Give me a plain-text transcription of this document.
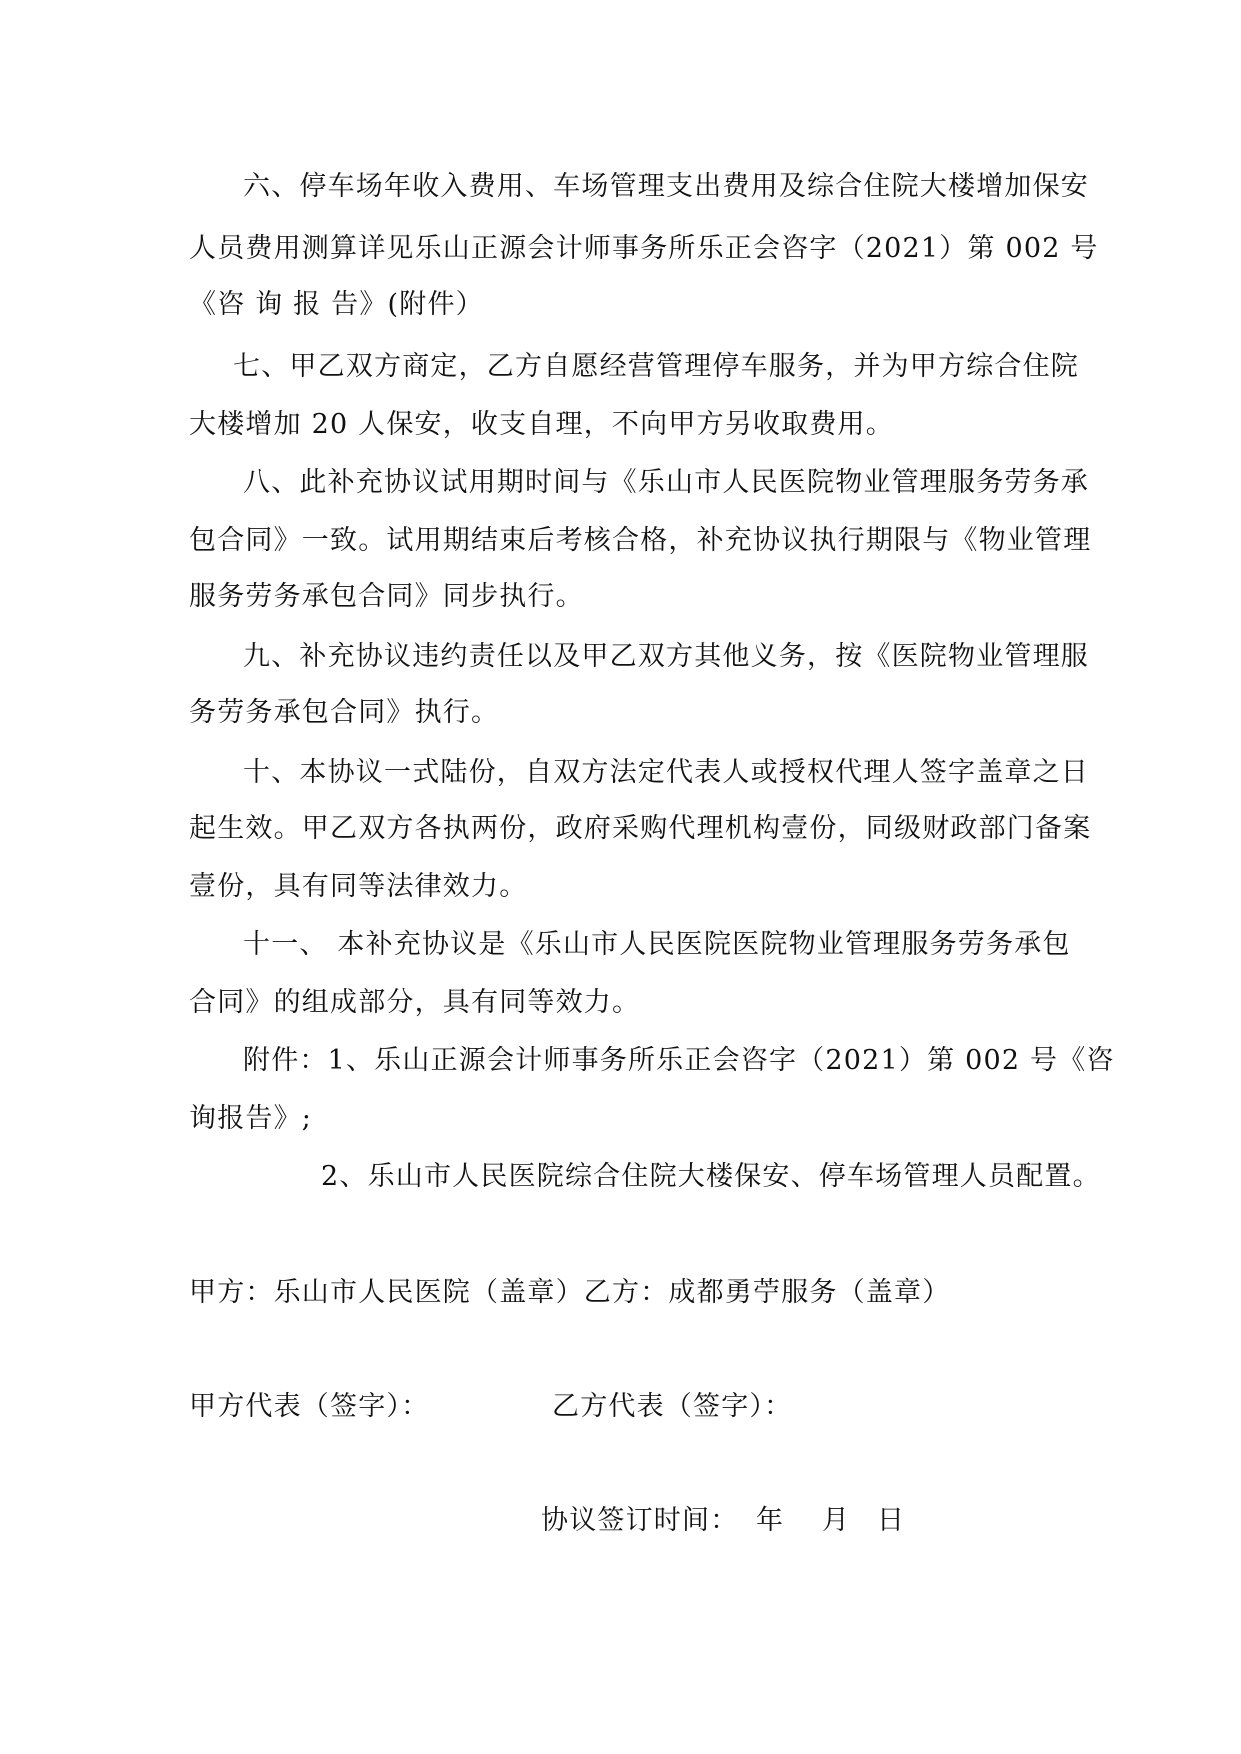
六、停车场年收入费用、车场管理支出费用及综合住院大楼增加保安
人员费用测算详见乐山正源会计师事务所乐正会咨字（2021）第 002 号
《咨 询 报 告》(附件）
七、甲乙双方商定，乙方自愿经营管理停车服务，并为甲方综合住院
大楼增加 20 人保安，收支自理，不向甲方另收取费用。
八、此补充协议试用期时间与《乐山市人民医院物业管理服务劳务承
包合同》一致。试用期结束后考核合格，补充协议执行期限与《物业管理
服务劳务承包合同》同步执行。
九、补充协议违约责任以及甲乙双方其他义务，按《医院物业管理服
务劳务承包合同》执行。
十、本协议一式陆份，自双方法定代表人或授权代理人签字盖章之日
起生效。甲乙双方各执两份，政府采购代理机构壹份，同级财政部门备案
壹份，具有同等法律效力。
十一、 本补充协议是《乐山市人民医院医院物业管理服务劳务承包
合同》的组成部分，具有同等效力。
附件：1、乐山正源会计师事务所乐正会咨字（2021）第 002 号《咨
询报告》;
2、乐山市人民医院综合住院大楼保安、停车场管理人员配置。
甲方：乐山市人民医院（盖章）乙方：成都勇苧服务（盖章）
甲方代表（签字）：	乙方代表（签字）：
协议签订时间： 年 月 日
